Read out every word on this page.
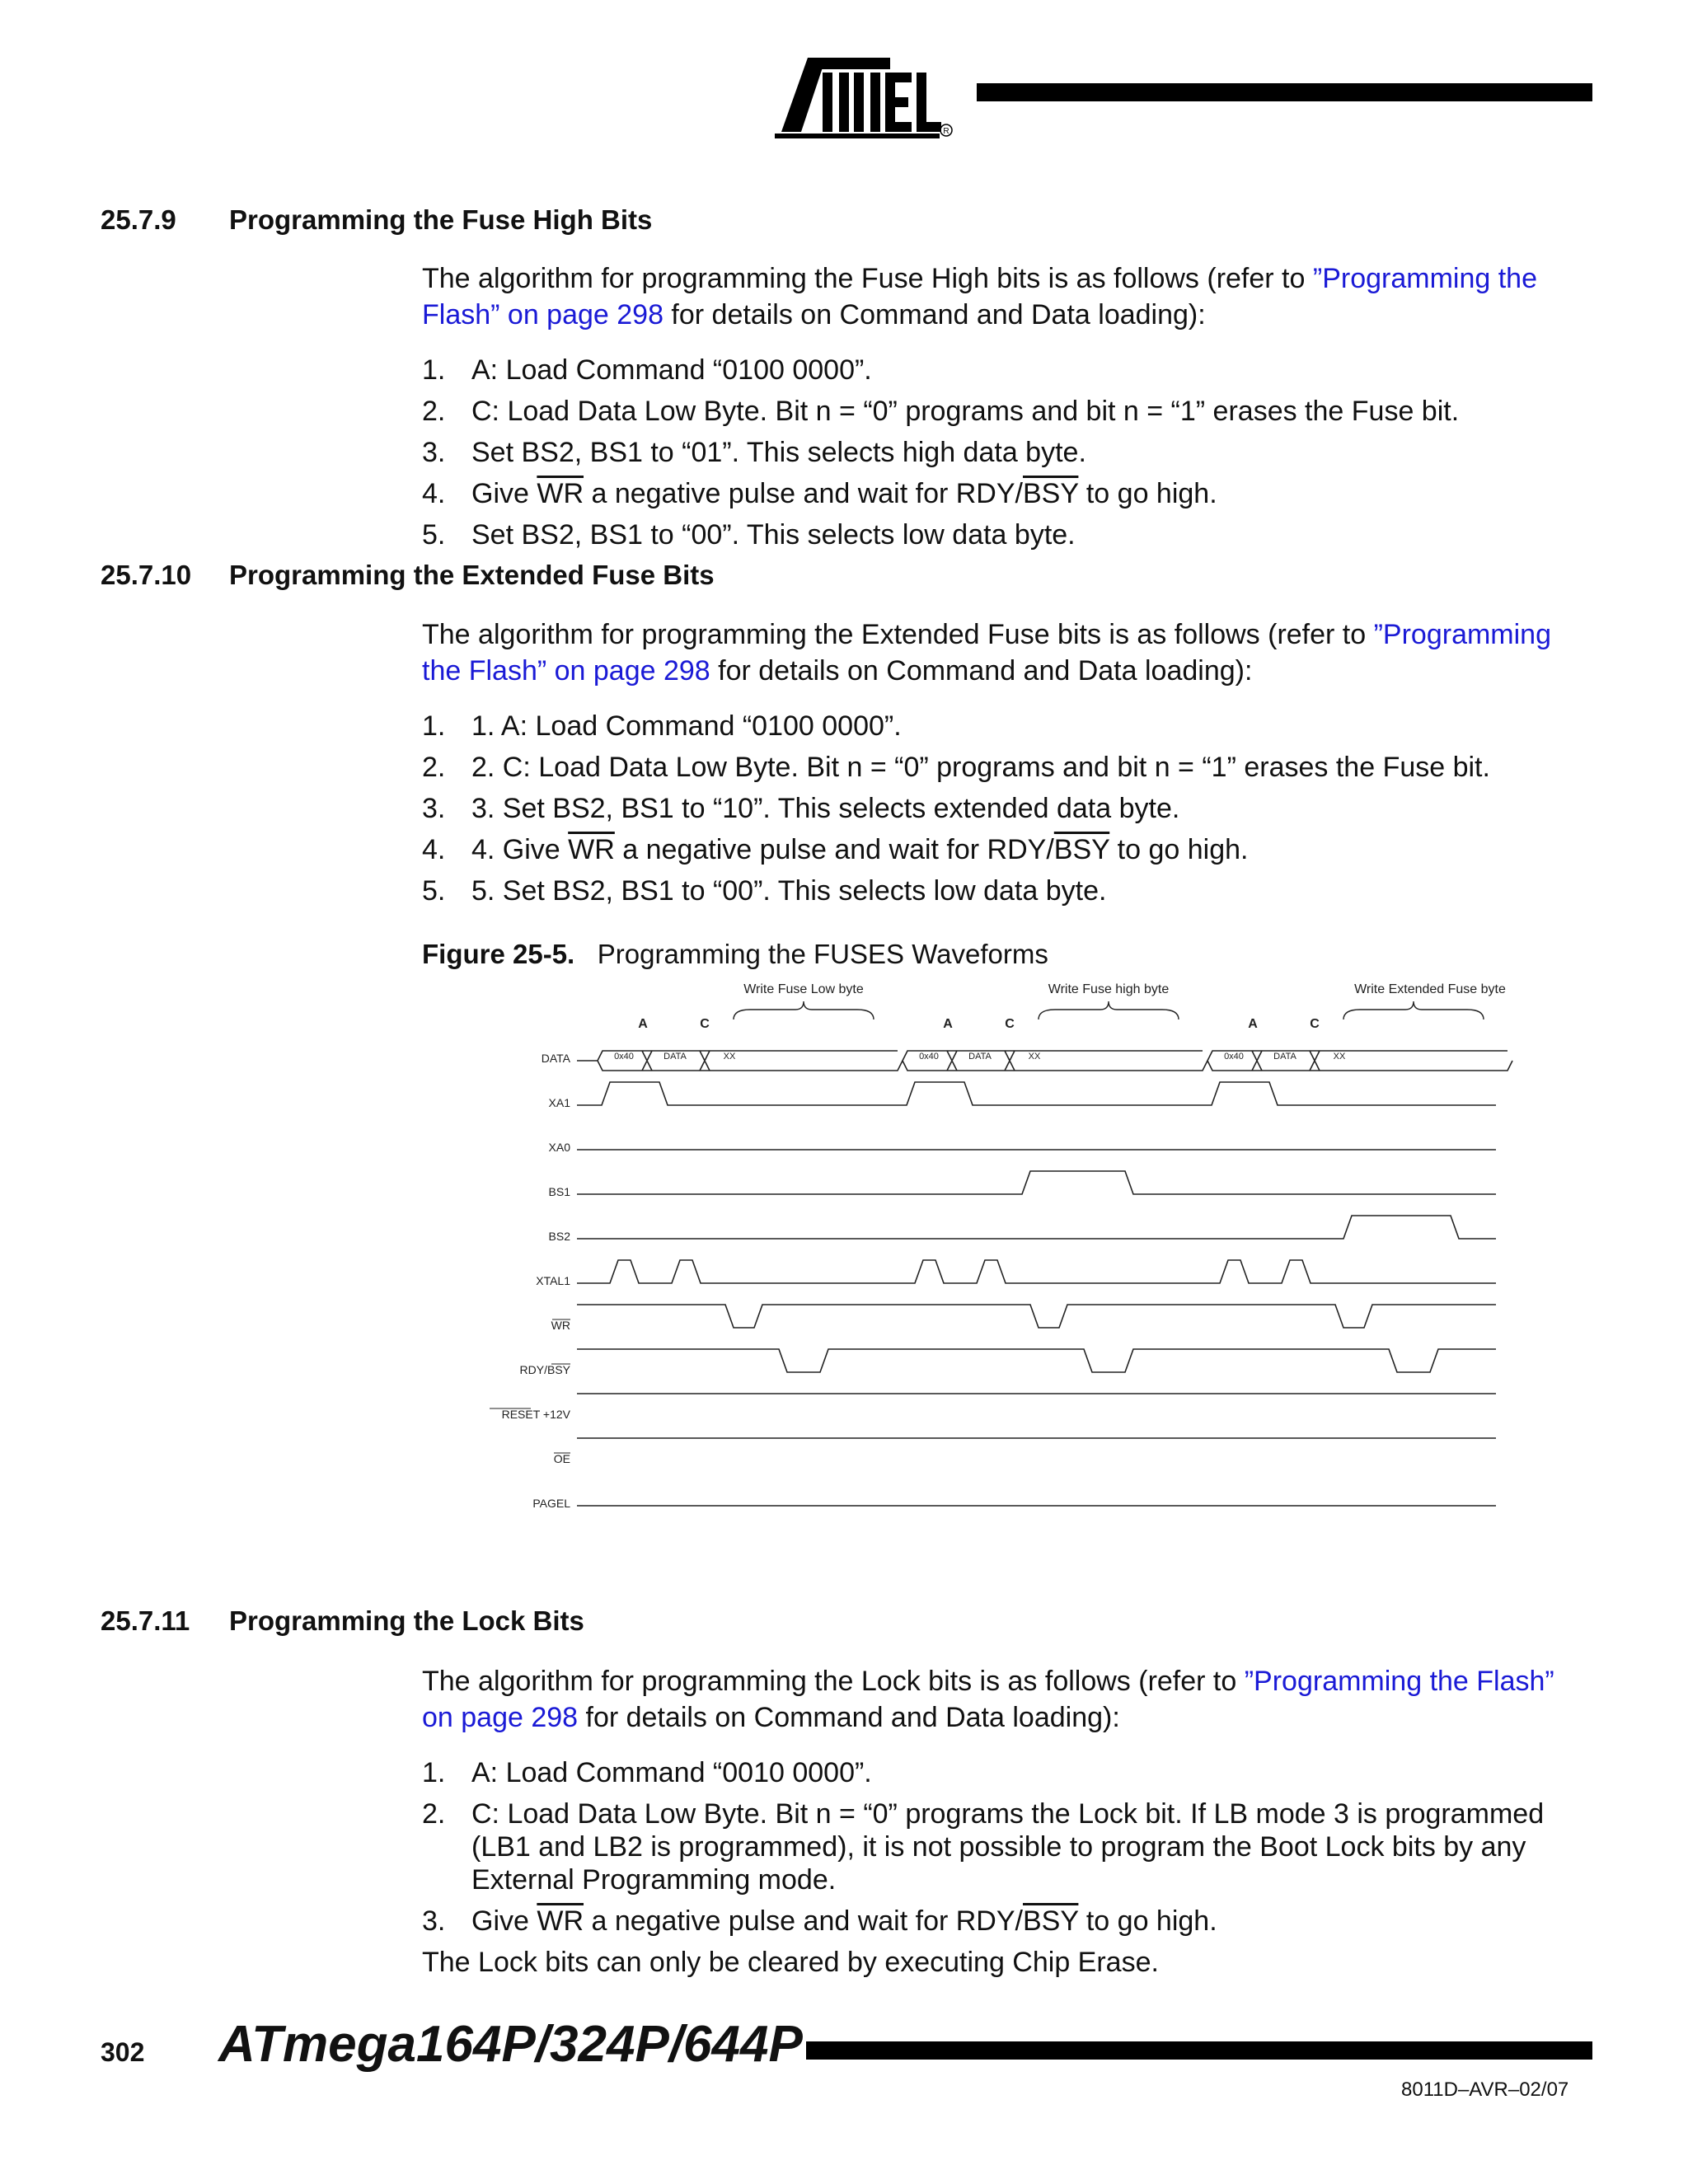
R
25.7.9 Programming the Fuse High Bits
The algorithm for programming the Fuse High bits is as follows (refer to ”Programming the Flash” on page 298 for details on Command and Data loading):
1. A: Load Command “0100 0000”.
2. C: Load Data Low Byte. Bit n = “0” programs and bit n = “1” erases the Fuse bit.
3. Set BS2, BS1 to “01”. This selects high data byte.
4. Give $\overline{WR}$ a negative pulse and wait for RDY/$\overline{BSY}$ to go high.
5. Set BS2, BS1 to “00”. This selects low data byte.
25.7.10 Programming the Extended Fuse Bits
The algorithm for programming the Extended Fuse bits is as follows (refer to ”Programming the Flash” on page 298 for details on Command and Data loading):
1. 1. A: Load Command “0100 0000”.
2. 2. C: Load Data Low Byte. Bit n = “0” programs and bit n = “1” erases the Fuse bit.
3. 3. Set BS2, BS1 to “10”. This selects extended data byte.
4. 4. Give $\overline{WR}$ a negative pulse and wait for RDY/$\overline{BSY}$ to go high.
5. 5. Set BS2, BS1 to “00”. This selects low data byte.
Figure 25-5. Programming the FUSES Waveforms
DATA
XA1
XA0
BS1
BS2
XTAL1
WR
RDY/BSY
RESET +12V
OE
PAGEL
Write Fuse Low byte
A	C
Write Fuse high byte
A	C
Write Extended Fuse byte
A	C
0x40	DATA	XX	0x40	DATA	XX	0x40	DATA	XX
25.7.11 Programming the Lock Bits
The algorithm for programming the Lock bits is as follows (refer to ”Programming the Flash” on page 298 for details on Command and Data loading):
1. A: Load Command “0010 0000”.
2. C: Load Data Low Byte. Bit n = “0” programs the Lock bit. If LB mode 3 is programmed
(LB1 and LB2 is programmed), it is not possible to program the Boot Lock bits by any
External Programming mode.
3. Give $\overline{WR}$ a negative pulse and wait for RDY/$\overline{BSY}$ to go high.
The Lock bits can only be cleared by executing Chip Erase.
302 ATmega164P/324P/644P
8011D–AVR–02/07
